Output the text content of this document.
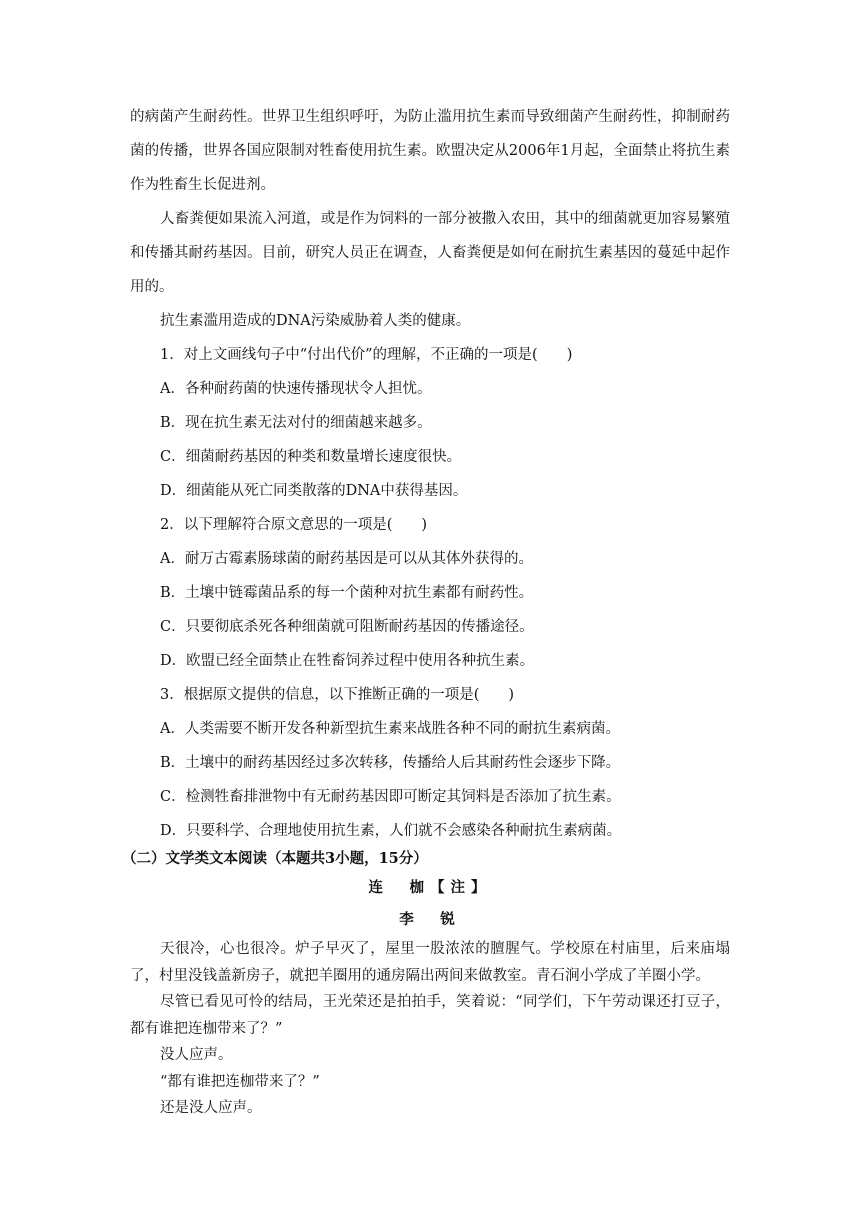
的病菌产生耐药性。世界卫生组织呼吁，为防止滥用抗生素而导致细菌产生耐药性，抑制耐药菌的传播，世界各国应限制对牲畜使用抗生素。欧盟决定从2006年1月起，全面禁止将抗生素作为牲畜生长促进剂。

人畜粪便如果流入河道，或是作为饲料的一部分被撒入农田，其中的细菌就更加容易繁殖和传播其耐药基因。目前，研究人员正在调查，人畜粪便是如何在耐抗生素基因的蔓延中起作用的。

抗生素滥用造成的DNA污染威胁着人类的健康。

1．对上文画线句子中“付出代价”的理解，不正确的一项是(　　)

A．各种耐药菌的快速传播现状令人担忧。

B．现在抗生素无法对付的细菌越来越多。

C．细菌耐药基因的种类和数量增长速度很快。

D．细菌能从死亡同类散落的DNA中获得基因。

2．以下理解符合原文意思的一项是(　　)

A．耐万古霉素肠球菌的耐药基因是可以从其体外获得的。

B．土壤中链霉菌品系的每一个菌种对抗生素都有耐药性。

C．只要彻底杀死各种细菌就可阻断耐药基因的传播途径。

D．欧盟已经全面禁止在牲畜饲养过程中使用各种抗生素。

3．根据原文提供的信息，以下推断正确的一项是(　　)

A．人类需要不断开发各种新型抗生素来战胜各种不同的耐抗生素病菌。

B．土壤中的耐药基因经过多次转移，传播给人后其耐药性会逐步下降。

C．检测牲畜排泄物中有无耐药基因即可断定其饲料是否添加了抗生素。

D．只要科学、合理地使用抗生素，人们就不会感染各种耐抗生素病菌。

（二）文学类文本阅读（本题共3小题，15分）
连　枷【注】
李　锐

天很冷，心也很冷。炉子早灭了，屋里一股浓浓的膻腥气。学校原在村庙里，后来庙塌了，村里没钱盖新房子，就把羊圈用的通房隔出两间来做教室。青石涧小学成了羊圈小学。

尽管已看见可怜的结局，王光荣还是拍拍手，笑着说：“同学们，下午劳动课还打豆子，都有谁把连枷带来了？”

没人应声。

“都有谁把连枷带来了？”

还是没人应声。
